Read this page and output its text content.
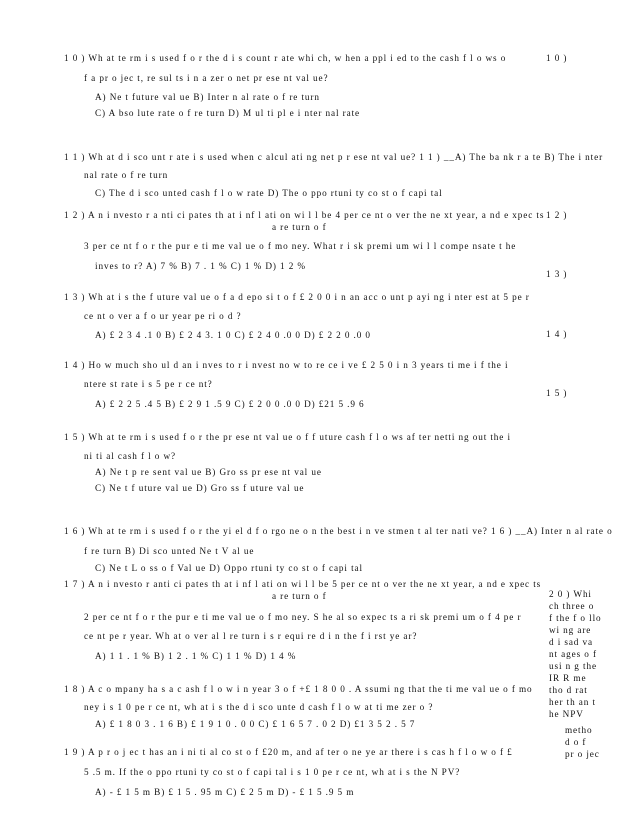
1 0 ) Wh at te rm i s used f o r the d i s count r ate whi ch, w hen a ppl i ed to the cash f l o ws o	1 0 )
f a pr o jec t, re sul ts i n a zer o net pr ese nt val ue?
A) Ne t future val ue B) Inter n al rate o f re turn
C) A bso lute rate o f re turn D) M ul ti pl e i nter nal rate
1 1 ) Wh at d i sco unt r ate i s used when c alcul ati ng net p r ese nt val ue? 1 1 ) __A) The ba nk r a te B) The i nter
nal rate o f re turn
C) The d i sco unted cash f l o w rate D) The o ppo rtuni ty co st o f capi tal
1 2 ) A n i nvesto r a nti ci pates th at i nf l ati on wi l l be 4 per ce nt o ver the ne xt year, a nd e xpec ts 1 2 )
a re turn o f
3 per ce nt f o r the pur e ti me val ue o f mo ney. What r i sk premi um wi l l compe nsate t he
inves to r? A) 7 % B) 7 . 1 % C) 1 % D) 1 2 %
1 3 )
1 3 ) Wh at i s the f uture val ue o f a d epo si t o f £ 2 0 0 i n an acc o unt p ayi ng i nter est at 5 pe r
ce nt o ver a f o ur year pe ri o d ?
A) £ 2 3 4 .1 0 B) £ 2 4 3. 1 0 C) £ 2 4 0 .0 0 D) £ 2 2 0 .0 0	1 4 )
1 4 ) Ho w much sho ul d an i nves to r i nvest no w to re ce i ve £ 2 5 0 i n 3 years ti me i f the i
ntere st rate i s 5 pe r ce nt?
1 5 )
A) £ 2 2 5 .4 5 B) £ 2 9 1 .5 9 C) £ 2 0 0 .0 0 D) £21 5 .9 6
1 5 ) Wh at te rm i s used f o r the pr ese nt val ue o f f uture cash f l o ws af ter netti ng out the i
ni ti al cash f l o w?
A) Ne t p re sent val ue B) Gro ss pr ese nt val ue
C) Ne t f uture val ue D) Gro ss f uture val ue
1 6 ) Wh at te rm i s used f o r the yi el d f o rgo ne o n the best i n ve stmen t al ter nati ve? 1 6 ) __A) Inter n al rate o
f re turn B) Di sco unted Ne t V al ue
C) Ne t L o ss o f Val ue D) Oppo rtuni ty co st o f capi tal
1 7 ) A n i nvesto r anti ci pates th at i nf l ati on wi l l be 5 per ce nt o ver the ne xt year, a nd e xpec ts
a re turn o f
2 per ce nt f o r the pur e ti me val ue o f mo ney. S he al so expec ts a ri sk premi um o f 4 pe r
ce nt pe r year. Wh at o ver al l re turn i s r equi re d i n the f i rst ye ar?
A) 1 1 . 1 % B) 1 2 . 1 % C) 1 1 % D) 1 4 %
1 8 ) A c o mpany ha s a c ash f l o w i n year 3 o f +£ 1 8 0 0 . A ssumi ng that the ti me val ue o f mo
ney i s 1 0 pe r ce nt, wh at i s the d i sco unte d cash f l o w at ti me zer o ?
A) £ 1 8 0 3 . 1 6 B) £ 1 9 1 0 . 0 0 C) £ 1 6 5 7 . 0 2 D) £1 3 5 2 . 5 7
1 9 ) A p r o j ec t has an i ni ti al co st o f £20 m, and af ter o ne ye ar there i s cas h f l o w o f £
5 .5 m. If the o ppo rtuni ty co st o f capi tal i s 1 0 pe r ce nt, wh at i s the N PV?
A) - £ 1 5 m B) £ 1 5 . 95 m C) £ 2 5 m D) - £ 1 5 .9 5 m
2 0 ) Whi
ch three o
f the f o llo
wi ng are
d i sad va
nt ages o f
usi n g the
IR R me
tho d rat
her th an t
he NPV
metho
d o f
pr o jec
